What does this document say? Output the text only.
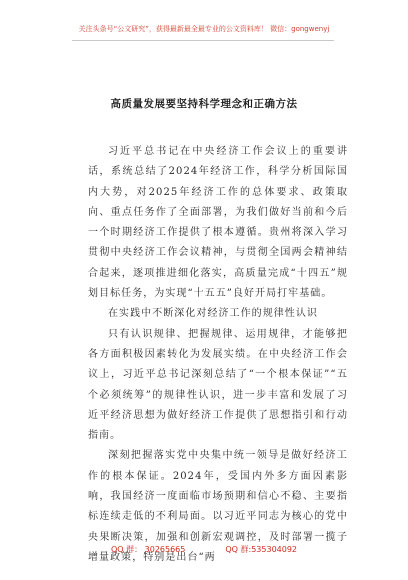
关注头条号“公文研究”，获得最新最全最专业的公文资料库！ 微信：gongwenyj
高质量发展要坚持科学理念和正确方法

习近平总书记在中央经济工作会议上的重要讲话，系统总结了2024年经济工作，科学分析国际国内大势，对2025年经济工作的总体要求、政策取向、重点任务作了全面部署，为我们做好当前和今后一个时期经济工作提供了根本遵循。贵州将深入学习贯彻中央经济工作会议精神，与贯彻全国两会精神结合起来，逐项推进细化落实，高质量完成“十四五”规划目标任务，为实现“十五五”良好开局打牢基础。

在实践中不断深化对经济工作的规律性认识

只有认识规律、把握规律、运用规律，才能够把各方面积极因素转化为发展实绩。在中央经济工作会议上，习近平总书记深刻总结了“一个根本保证”“五个必须统筹”的规律性认识，进一步丰富和发展了习近平经济思想为做好经济工作提供了思想指引和行动指南。

深刻把握落实党中央集中统一领导是做好经济工作的根本保证。2024年，受国内外多方面因素影响，我国经济一度面临市场预期和信心不稳、主要指标连续走低的不利局面。以习近平同志为核心的党中央果断决策，加强和创新宏观调控，及时部署一揽子增量政策，特别是出台“两

QQ 群： 30265665	QQ 群:535304092
